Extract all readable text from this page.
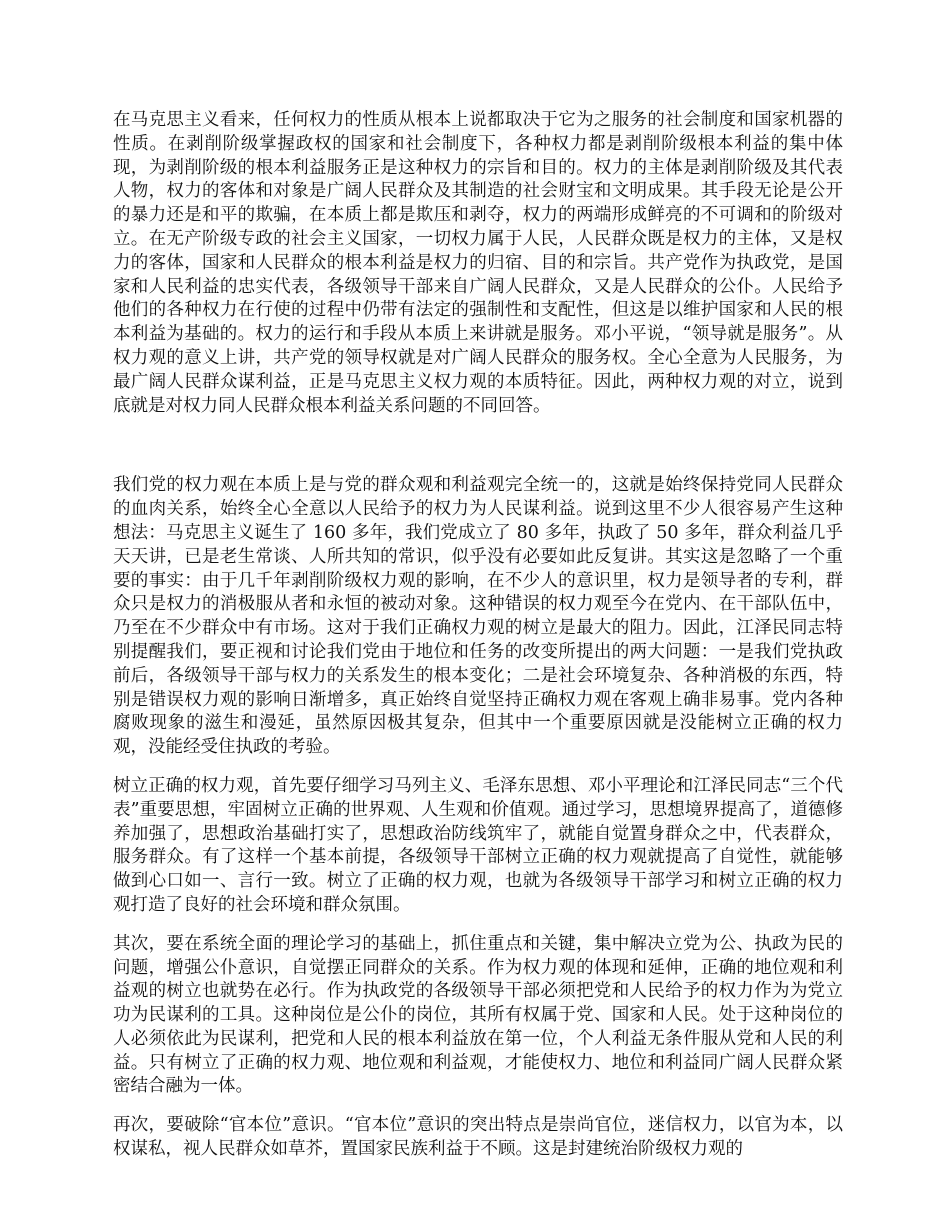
在马克思主义看来，任何权力的性质从根本上说都取决于它为之服务的社会制度和国家机器的性质。在剥削阶级掌握政权的国家和社会制度下，各种权力都是剥削阶级根本利益的集中体现，为剥削阶级的根本利益服务正是这种权力的宗旨和目的。权力的主体是剥削阶级及其代表人物，权力的客体和对象是广阔人民群众及其制造的社会财宝和文明成果。其手段无论是公开的暴力还是和平的欺骗，在本质上都是欺压和剥夺，权力的两端形成鲜亮的不可调和的阶级对立。在无产阶级专政的社会主义国家，一切权力属于人民，人民群众既是权力的主体，又是权力的客体，国家和人民群众的根本利益是权力的归宿、目的和宗旨。共产党作为执政党，是国家和人民利益的忠实代表，各级领导干部来自广阔人民群众，又是人民群众的公仆。人民给予他们的各种权力在行使的过程中仍带有法定的强制性和支配性，但这是以维护国家和人民的根本利益为基础的。权力的运行和手段从本质上来讲就是服务。邓小平说，“领导就是服务”。从权力观的意义上讲，共产党的领导权就是对广阔人民群众的服务权。全心全意为人民服务，为最广阔人民群众谋利益，正是马克思主义权力观的本质特征。因此，两种权力观的对立，说到底就是对权力同人民群众根本利益关系问题的不同回答。

我们党的权力观在本质上是与党的群众观和利益观完全统一的，这就是始终保持党同人民群众的血肉关系，始终全心全意以人民给予的权力为人民谋利益。说到这里不少人很容易产生这种想法：马克思主义诞生了 160 多年，我们党成立了 80 多年，执政了 50 多年，群众利益几乎天天讲，已是老生常谈、人所共知的常识，似乎没有必要如此反复讲。其实这是忽略了一个重要的事实：由于几千年剥削阶级权力观的影响，在不少人的意识里，权力是领导者的专利，群众只是权力的消极服从者和永恒的被动对象。这种错误的权力观至今在党内、在干部队伍中，乃至在不少群众中有市场。这对于我们正确权力观的树立是最大的阻力。因此，江泽民同志特别提醒我们，要正视和讨论我们党由于地位和任务的改变所提出的两大问题：一是我们党执政前后，各级领导干部与权力的关系发生的根本变化；二是社会环境复杂、各种消极的东西，特别是错误权力观的影响日渐增多，真正始终自觉坚持正确权力观在客观上确非易事。党内各种腐败现象的滋生和漫延，虽然原因极其复杂，但其中一个重要原因就是没能树立正确的权力观，没能经受住执政的考验。

树立正确的权力观，首先要仔细学习马列主义、毛泽东思想、邓小平理论和江泽民同志“三个代表”重要思想，牢固树立正确的世界观、人生观和价值观。通过学习，思想境界提高了，道德修养加强了，思想政治基础打实了，思想政治防线筑牢了，就能自觉置身群众之中，代表群众，服务群众。有了这样一个基本前提，各级领导干部树立正确的权力观就提高了自觉性，就能够做到心口如一、言行一致。树立了正确的权力观，也就为各级领导干部学习和树立正确的权力观打造了良好的社会环境和群众氛围。

其次，要在系统全面的理论学习的基础上，抓住重点和关键，集中解决立党为公、执政为民的问题，增强公仆意识，自觉摆正同群众的关系。作为权力观的体现和延伸，正确的地位观和利益观的树立也就势在必行。作为执政党的各级领导干部必须把党和人民给予的权力作为为党立功为民谋利的工具。这种岗位是公仆的岗位，其所有权属于党、国家和人民。处于这种岗位的人必须依此为民谋利，把党和人民的根本利益放在第一位，个人利益无条件服从党和人民的利益。只有树立了正确的权力观、地位观和利益观，才能使权力、地位和利益同广阔人民群众紧密结合融为一体。

再次，要破除“官本位”意识。“官本位”意识的突出特点是崇尚官位，迷信权力，以官为本，以权谋私，视人民群众如草芥，置国家民族利益于不顾。这是封建统治阶级权力观的
